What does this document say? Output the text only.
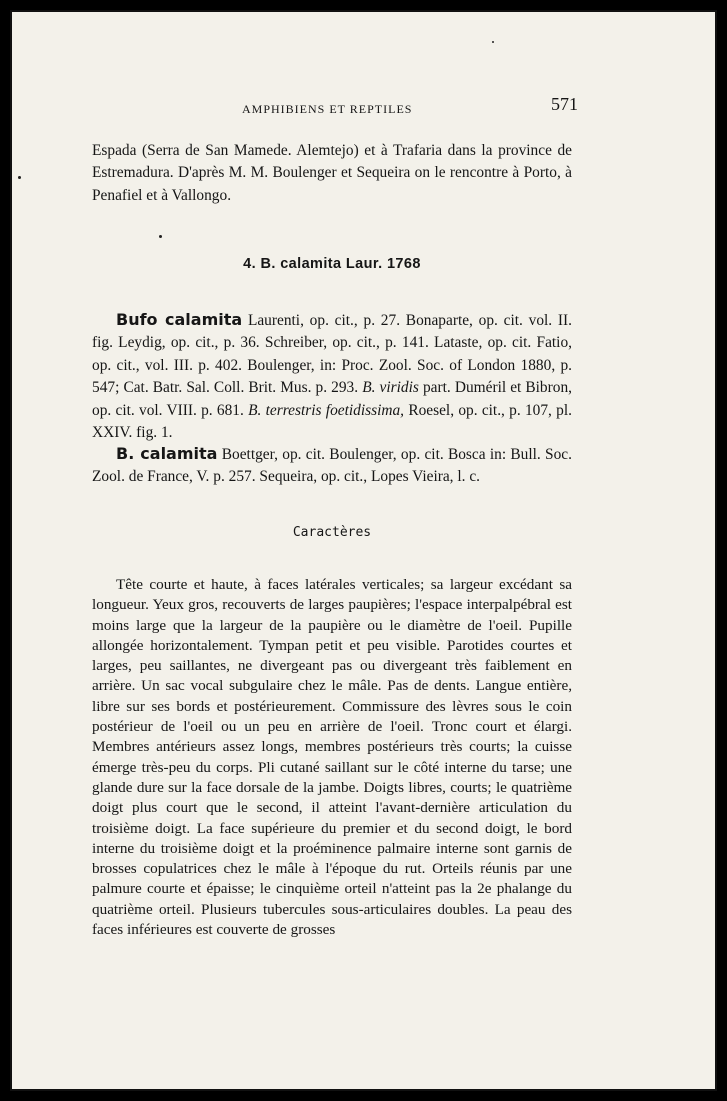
AMPHIBIENS ET REPTILES	571
Espada (Serra de San Mamede. Alemtejo) et à Trafaria dans la province de Estremadura. D'après M. M. Boulenger et Sequeira on le rencontre à Porto, à Penafiel et à Vallongo.
4. B. calamita Laur. 1768
Bufo calamita Laurenti, op. cit., p. 27. Bonaparte, op. cit. vol. II. fig. Leydig, op. cit., p. 36. Schreiber, op. cit., p. 141. Lataste, op. cit. Fatio, op. cit., vol. III. p. 402. Boulenger, in: Proc. Zool. Soc. of London 1880, p. 547; Cat. Batr. Sal. Coll. Brit. Mus. p. 293. B. viridis part. Duméril et Bibron, op. cit. vol. VIII. p. 681. B. terrestris foetidissima, Roesel, op. cit., p. 107, pl. XXIV. fig. 1.
B. calamita Boettger, op. cit. Boulenger, op. cit. Bosca in: Bull. Soc. Zool. de France, V. p. 257. Sequeira, op. cit., Lopes Vieira, l. c.
Caractères
Tête courte et haute, à faces latérales verticales; sa largeur excédant sa longueur. Yeux gros, recouverts de larges paupières; l'espace interpalpébral est moins large que la largeur de la paupière ou le diamètre de l'oeil. Pupille allongée horizontalement. Tympan petit et peu visible. Parotides courtes et larges, peu saillantes, ne divergeant pas ou divergeant très faiblement en arrière. Un sac vocal subgulaire chez le mâle. Pas de dents. Langue entière, libre sur ses bords et postérieurement. Commissure des lèvres sous le coin postérieur de l'oeil ou un peu en arrière de l'oeil. Tronc court et élargi. Membres antérieurs assez longs, membres postérieurs très courts; la cuisse émerge très-peu du corps. Pli cutané saillant sur le côté interne du tarse; une glande dure sur la face dorsale de la jambe. Doigts libres, courts; le quatrième doigt plus court que le second, il atteint l'avant-dernière articulation du troisième doigt. La face supérieure du premier et du second doigt, le bord interne du troisième doigt et la proéminence palmaire interne sont garnis de brosses copulatrices chez le mâle à l'époque du rut. Orteils réunis par une palmure courte et épaisse; le cinquième orteil n'atteint pas la 2e phalange du quatrième orteil. Plusieurs tubercules sous-articulaires doubles. La peau des faces inférieures est couverte de grosses
